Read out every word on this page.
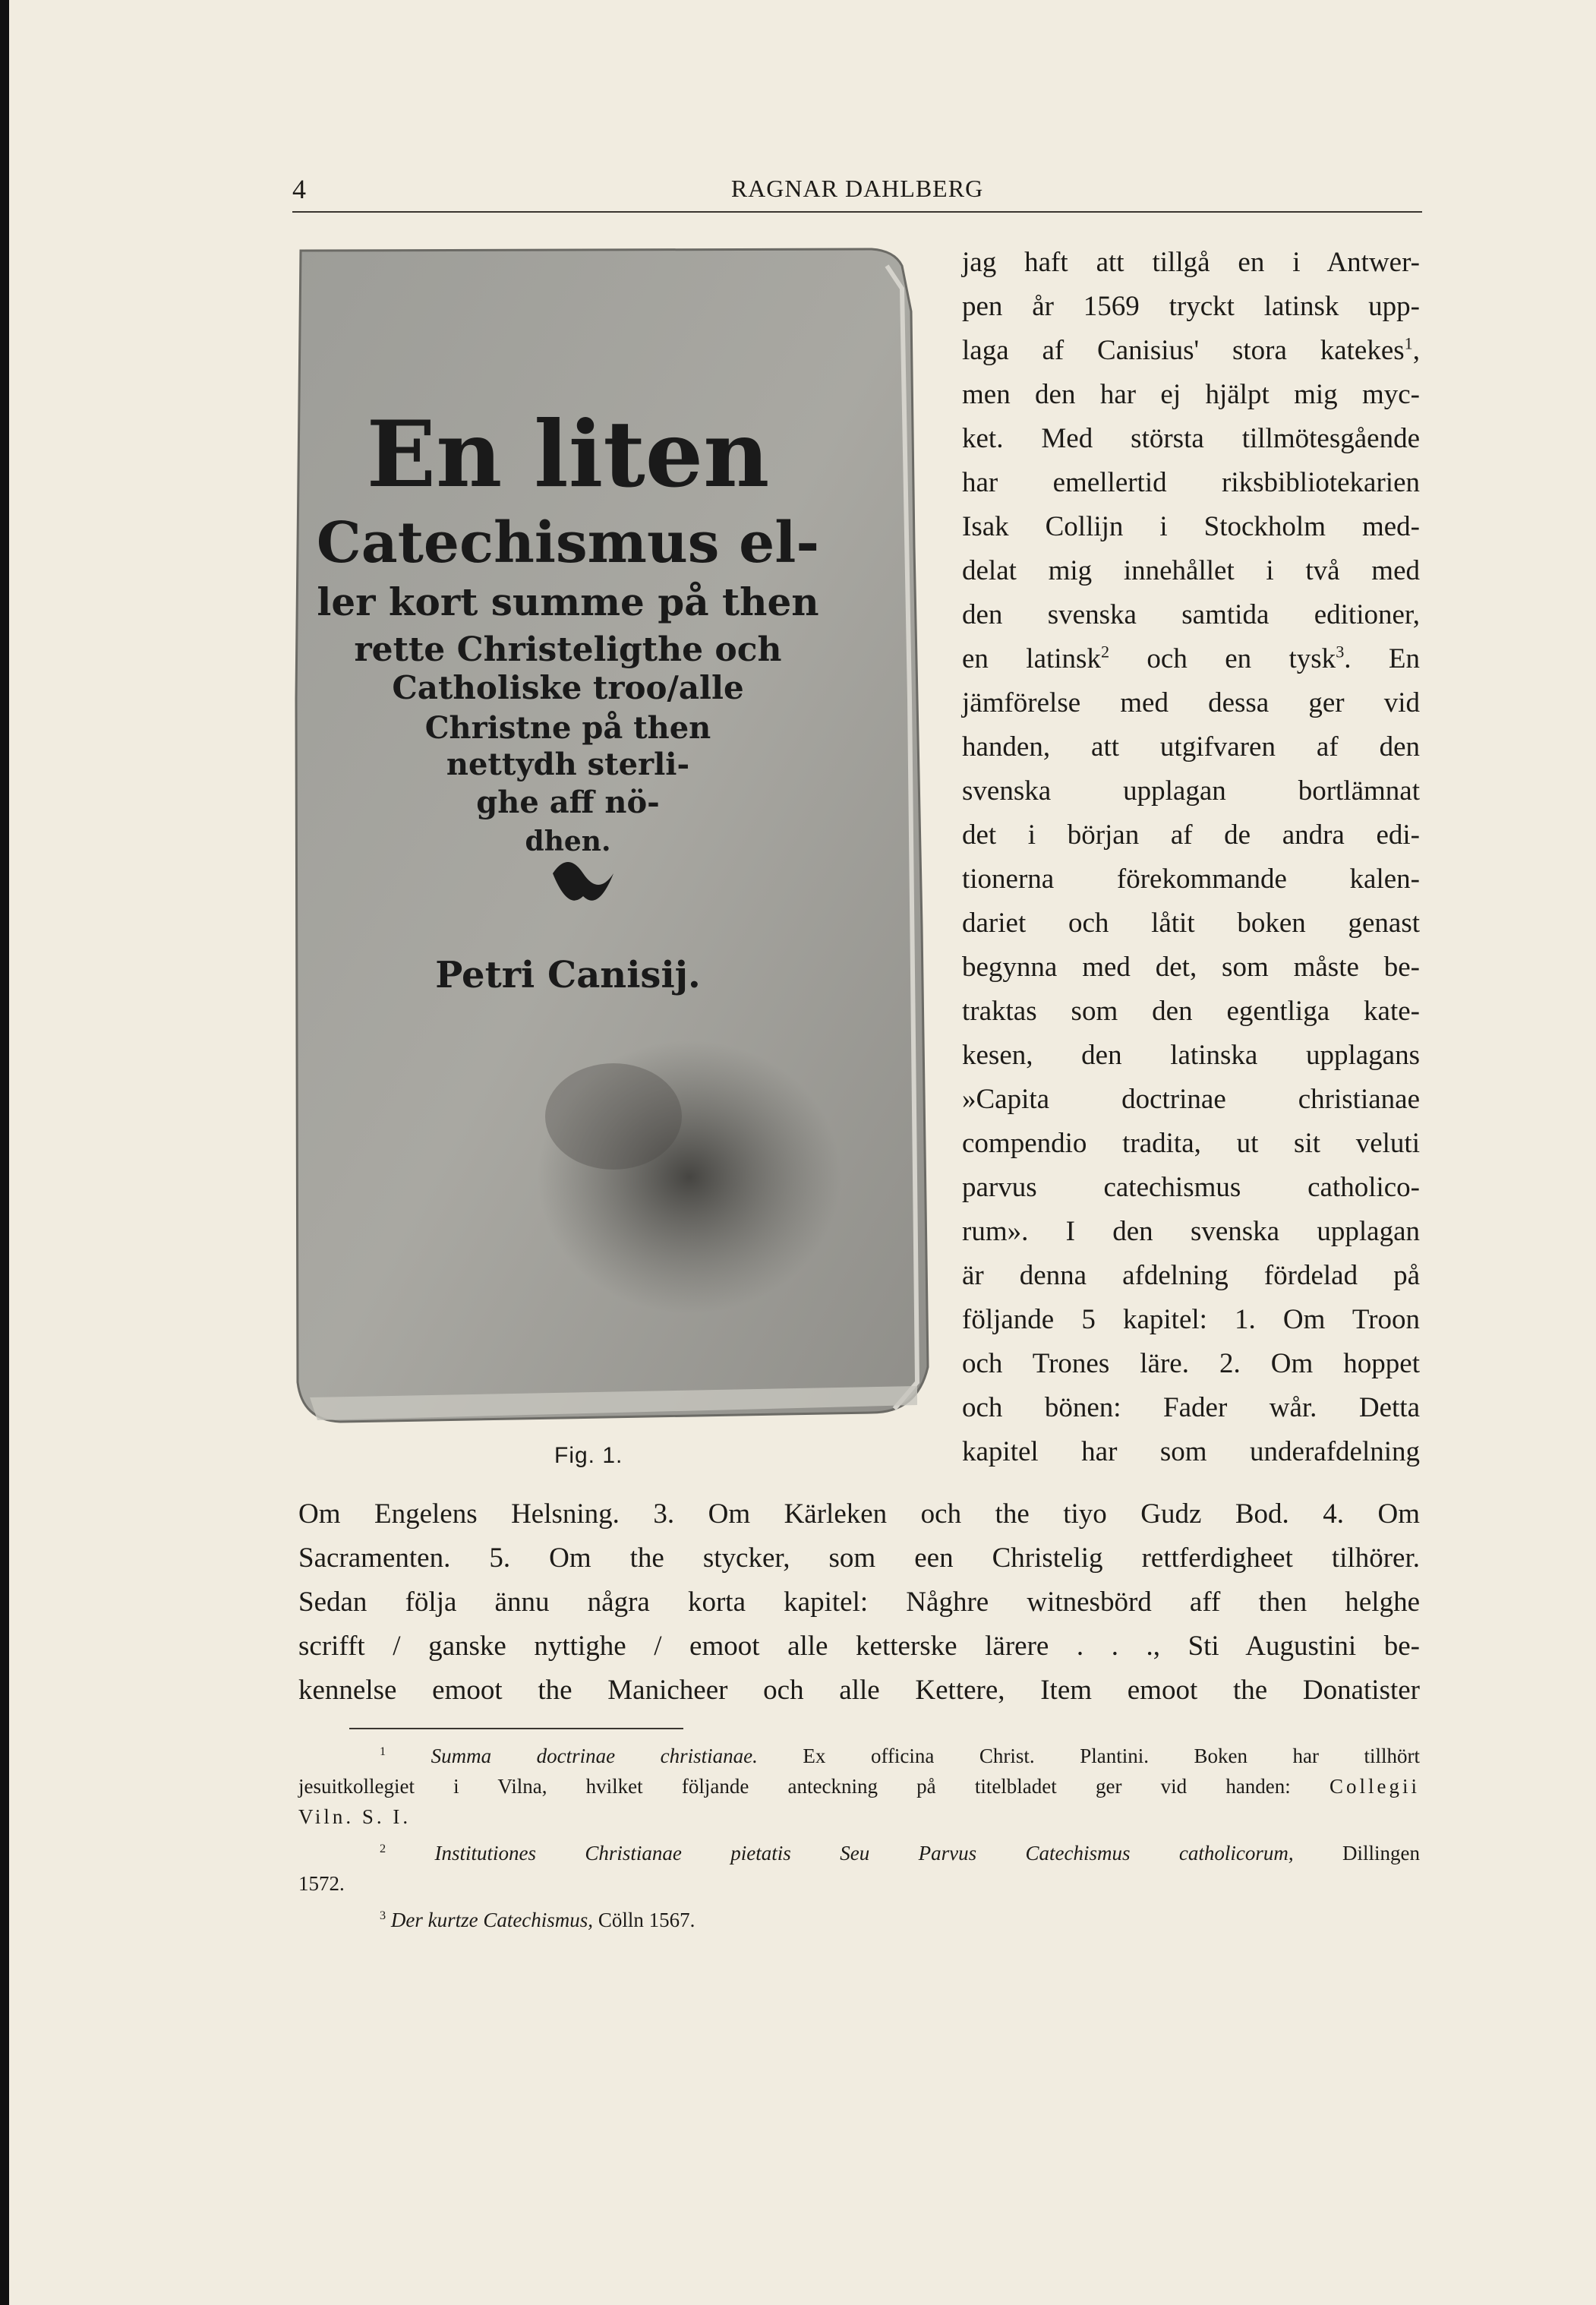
4	RAGNAR DAHLBERG
En liten
Catechismus el-
ler kort summe på then
rette Christeligthe och
Catholiske troo/alle
Christne på then
nettydh sterli-
ghe aff nö-
dhen.
Petri Canisij.
Fig. 1.
jag haft att tillgå en i Antwer-
pen år 1569 tryckt latinsk upp-
laga af Canisius' stora katekes$^1$,
men den har ej hjälpt mig myc-
ket. Med största tillmötesgående
har emellertid riksbibliotekarien
Isak Collijn i Stockholm med-
delat mig innehållet i två med
den svenska samtida editioner,
en latinsk$^2$ och en tysk$^3$. En
jämförelse med dessa ger vid
handen, att utgifvaren af den
svenska upplagan bortlämnat
det i början af de andra edi-
tionerna förekommande kalen-
dariet och låtit boken genast
begynna med det, som måste be-
traktas som den egentliga kate-
kesen, den latinska upplagans
»Capita doctrinae christianae
compendio tradita, ut sit veluti
parvus catechismus catholico-
rum». I den svenska upplagan
är denna afdelning fördelad på
följande 5 kapitel: 1. Om Troon
och Trones läre. 2. Om hoppet
och bönen: Fader wår. Detta
kapitel har som underafdelning
Om Engelens Helsning. 3. Om Kärleken och the tiyo Gudz Bod. 4. Om
Sacramenten. 5. Om the stycker, som een Christelig rettferdigheet tilhörer.
Sedan följa ännu några korta kapitel: Någhre witnesbörd aff then helghe
scrifft / ganske nyttighe / emoot alle ketterske lärere . . ., Sti Augustini be-
kennelse emoot the Manicheer och alle Kettere, Item emoot the Donatister
$^1$ Summa doctrinae christianae. Ex officina Christ. Plantini. Boken har tillhört
jesuitkollegiet i Vilna, hvilket följande anteckning på titelbladet ger vid handen: Collegii
Viln. S. I.
$^2$ Institutiones Christianae pietatis Seu Parvus Catechismus catholicorum, Dillingen
1572.
$^3$ Der kurtze Catechismus, Cölln 1567.
